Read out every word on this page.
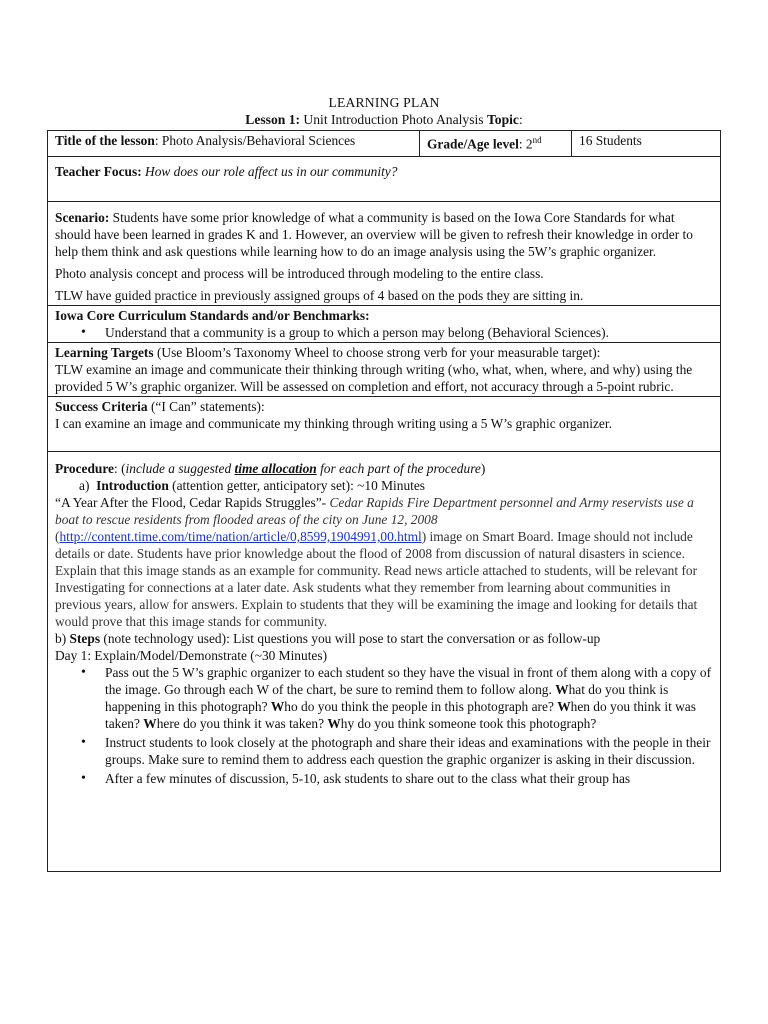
LEARNING PLAN
Lesson 1: Unit Introduction Photo Analysis Topic:
Title of the lesson: Photo Analysis/Behavioral Sciences	Grade/Age level: 2nd	16 Students
Teacher Focus: How does our role affect us in our community?

Scenario: Students have some prior knowledge of what a community is based on the Iowa Core Standards for what should have been learned in grades K and 1. However, an overview will be given to refresh their knowledge in order to help them think and ask questions while learning how to do an image analysis using the 5W’s graphic organizer.

Photo analysis concept and process will be introduced through modeling to the entire class.

TLW have guided practice in previously assigned groups of 4 based on the pods they are sitting in.

Iowa Core Curriculum Standards and/or Benchmarks:
• Understand that a community is a group to which a person may belong (Behavioral Sciences).

Learning Targets (Use Bloom’s Taxonomy Wheel to choose strong verb for your measurable target):

TLW examine an image and communicate their thinking through writing (who, what, when, where, and why) using the provided 5 W’s graphic organizer. Will be assessed on completion and effort, not accuracy through a 5-point rubric.

Success Criteria (“I Can” statements):

I can examine an image and communicate my thinking through writing using a 5 W’s graphic organizer.

Procedure: (include a suggested time allocation for each part of the procedure)

a) Introduction (attention getter, anticipatory set): ~10 Minutes

“A Year After the Flood, Cedar Rapids Struggles”- Cedar Rapids Fire Department personnel and Army reservists use a boat to rescue residents from flooded areas of the city on June 12, 2008
(http://content.time.com/time/nation/article/0,8599,1904991,00.html) image on Smart Board. Image should not include details or date. Students have prior knowledge about the flood of 2008 from discussion of natural disasters in science. Explain that this image stands as an example for community. Read news article attached to students, will be relevant for Investigating for connections at a later date. Ask students what they remember from learning about communities in previous years, allow for answers. Explain to students that they will be examining the image and looking for details that would prove that this image stands for community.

b) Steps (note technology used): List questions you will pose to start the conversation or as follow-up

Day 1: Explain/Model/Demonstrate (~30 Minutes)

• Pass out the 5 W’s graphic organizer to each student so they have the visual in front of them along with a copy of the image. Go through each W of the chart, be sure to remind them to follow along. What do you think is happening in this photograph? Who do you think the people in this photograph are? When do you think it was taken? Where do you think it was taken? Why do you think someone took this photograph?
• Instruct students to look closely at the photograph and share their ideas and examinations with the people in their groups. Make sure to remind them to address each question the graphic organizer is asking in their discussion.
• After a few minutes of discussion, 5-10, ask students to share out to the class what their group has
